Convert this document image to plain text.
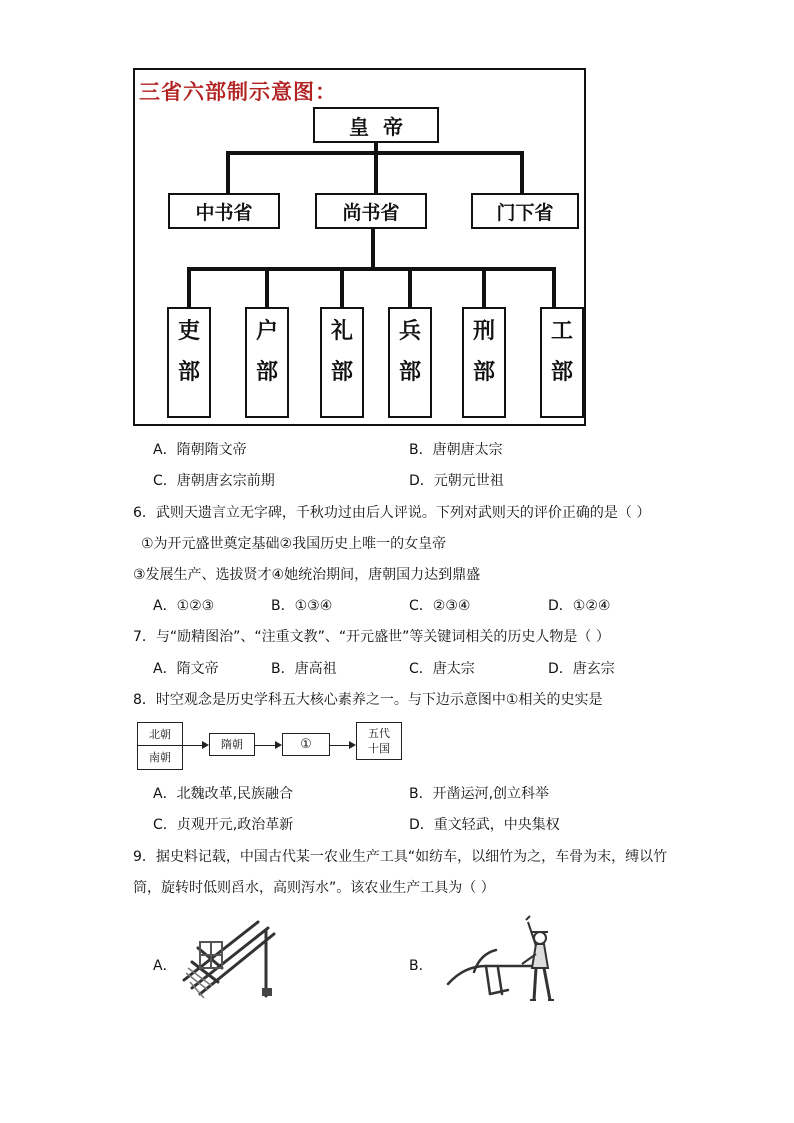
三省六部制示意图：
皇  帝
中书省	尚书省	门下省
吏
部
户
部
礼
部
兵
部
刑
部
工
部
A．隋朝隋文帝	B．唐朝唐太宗
C．唐朝唐玄宗前期	D．元朝元世祖
6．武则天遗言立无字碑，千秋功过由后人评说。下列对武则天的评价正确的是（ ）
①为开元盛世奠定基础②我国历史上唯一的女皇帝
③发展生产、选拔贤才④她统治期间，唐朝国力达到鼎盛
A．①②③	B．①③④	C．②③④	D．①②④
7．与“励精图治”、“注重文教”、“开元盛世”等关键词相关的历史人物是（ ）
A．隋文帝	B．唐高祖	C．唐太宗	D．唐玄宗
8．时空观念是历史学科五大核心素养之一。与下边示意图中①相关的史实是
北朝
南朝
隋朝	①
五代
十国
A．北魏改革,民族融合	B．开凿运河,创立科举
C．贞观开元,政治革新	D．重文轻武，中央集权
9．据史料记载，中国古代某一农业生产工具“如纺车，以细竹为之，车骨为末，缚以竹
筒，旋转时低则舀水，高则泻水”。该农业生产工具为（ ）
A．	B．
